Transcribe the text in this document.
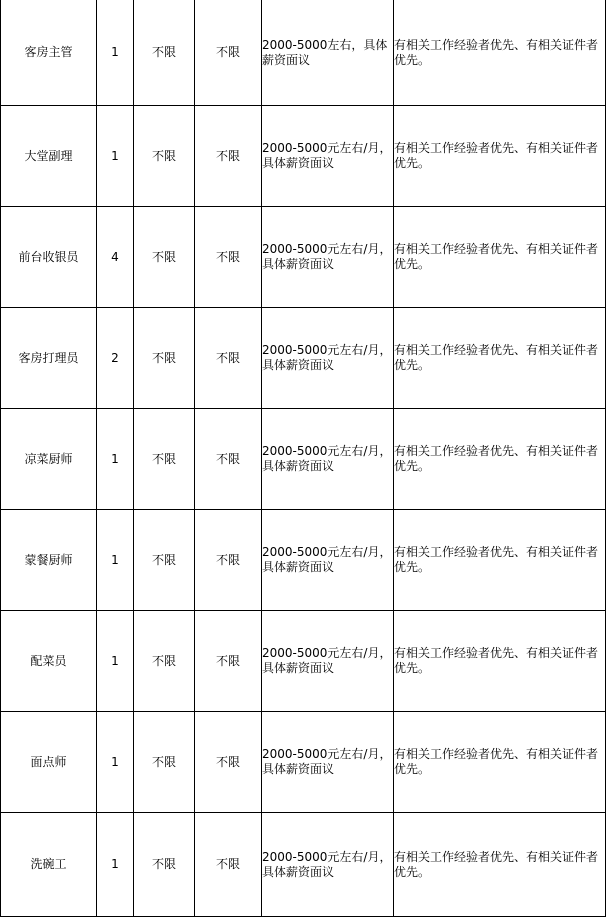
客房主管	1	不限	不限	2000-5000左右，具体薪资面议	有相关工作经验者优先、有相关证件者优先。
大堂副理	1	不限	不限	2000-5000元左右/月，具体薪资面议	有相关工作经验者优先、有相关证件者优先。
前台收银员	4	不限	不限	2000-5000元左右/月，具体薪资面议	有相关工作经验者优先、有相关证件者优先。
客房打理员	2	不限	不限	2000-5000元左右/月，具体薪资面议	有相关工作经验者优先、有相关证件者优先。
凉菜厨师	1	不限	不限	2000-5000元左右/月，具体薪资面议	有相关工作经验者优先、有相关证件者优先。
蒙餐厨师	1	不限	不限	2000-5000元左右/月，具体薪资面议	有相关工作经验者优先、有相关证件者优先。
配菜员	1	不限	不限	2000-5000元左右/月，具体薪资面议	有相关工作经验者优先、有相关证件者优先。
面点师	1	不限	不限	2000-5000元左右/月，具体薪资面议	有相关工作经验者优先、有相关证件者优先。
洗碗工	1	不限	不限	2000-5000元左右/月，具体薪资面议	有相关工作经验者优先、有相关证件者优先。
